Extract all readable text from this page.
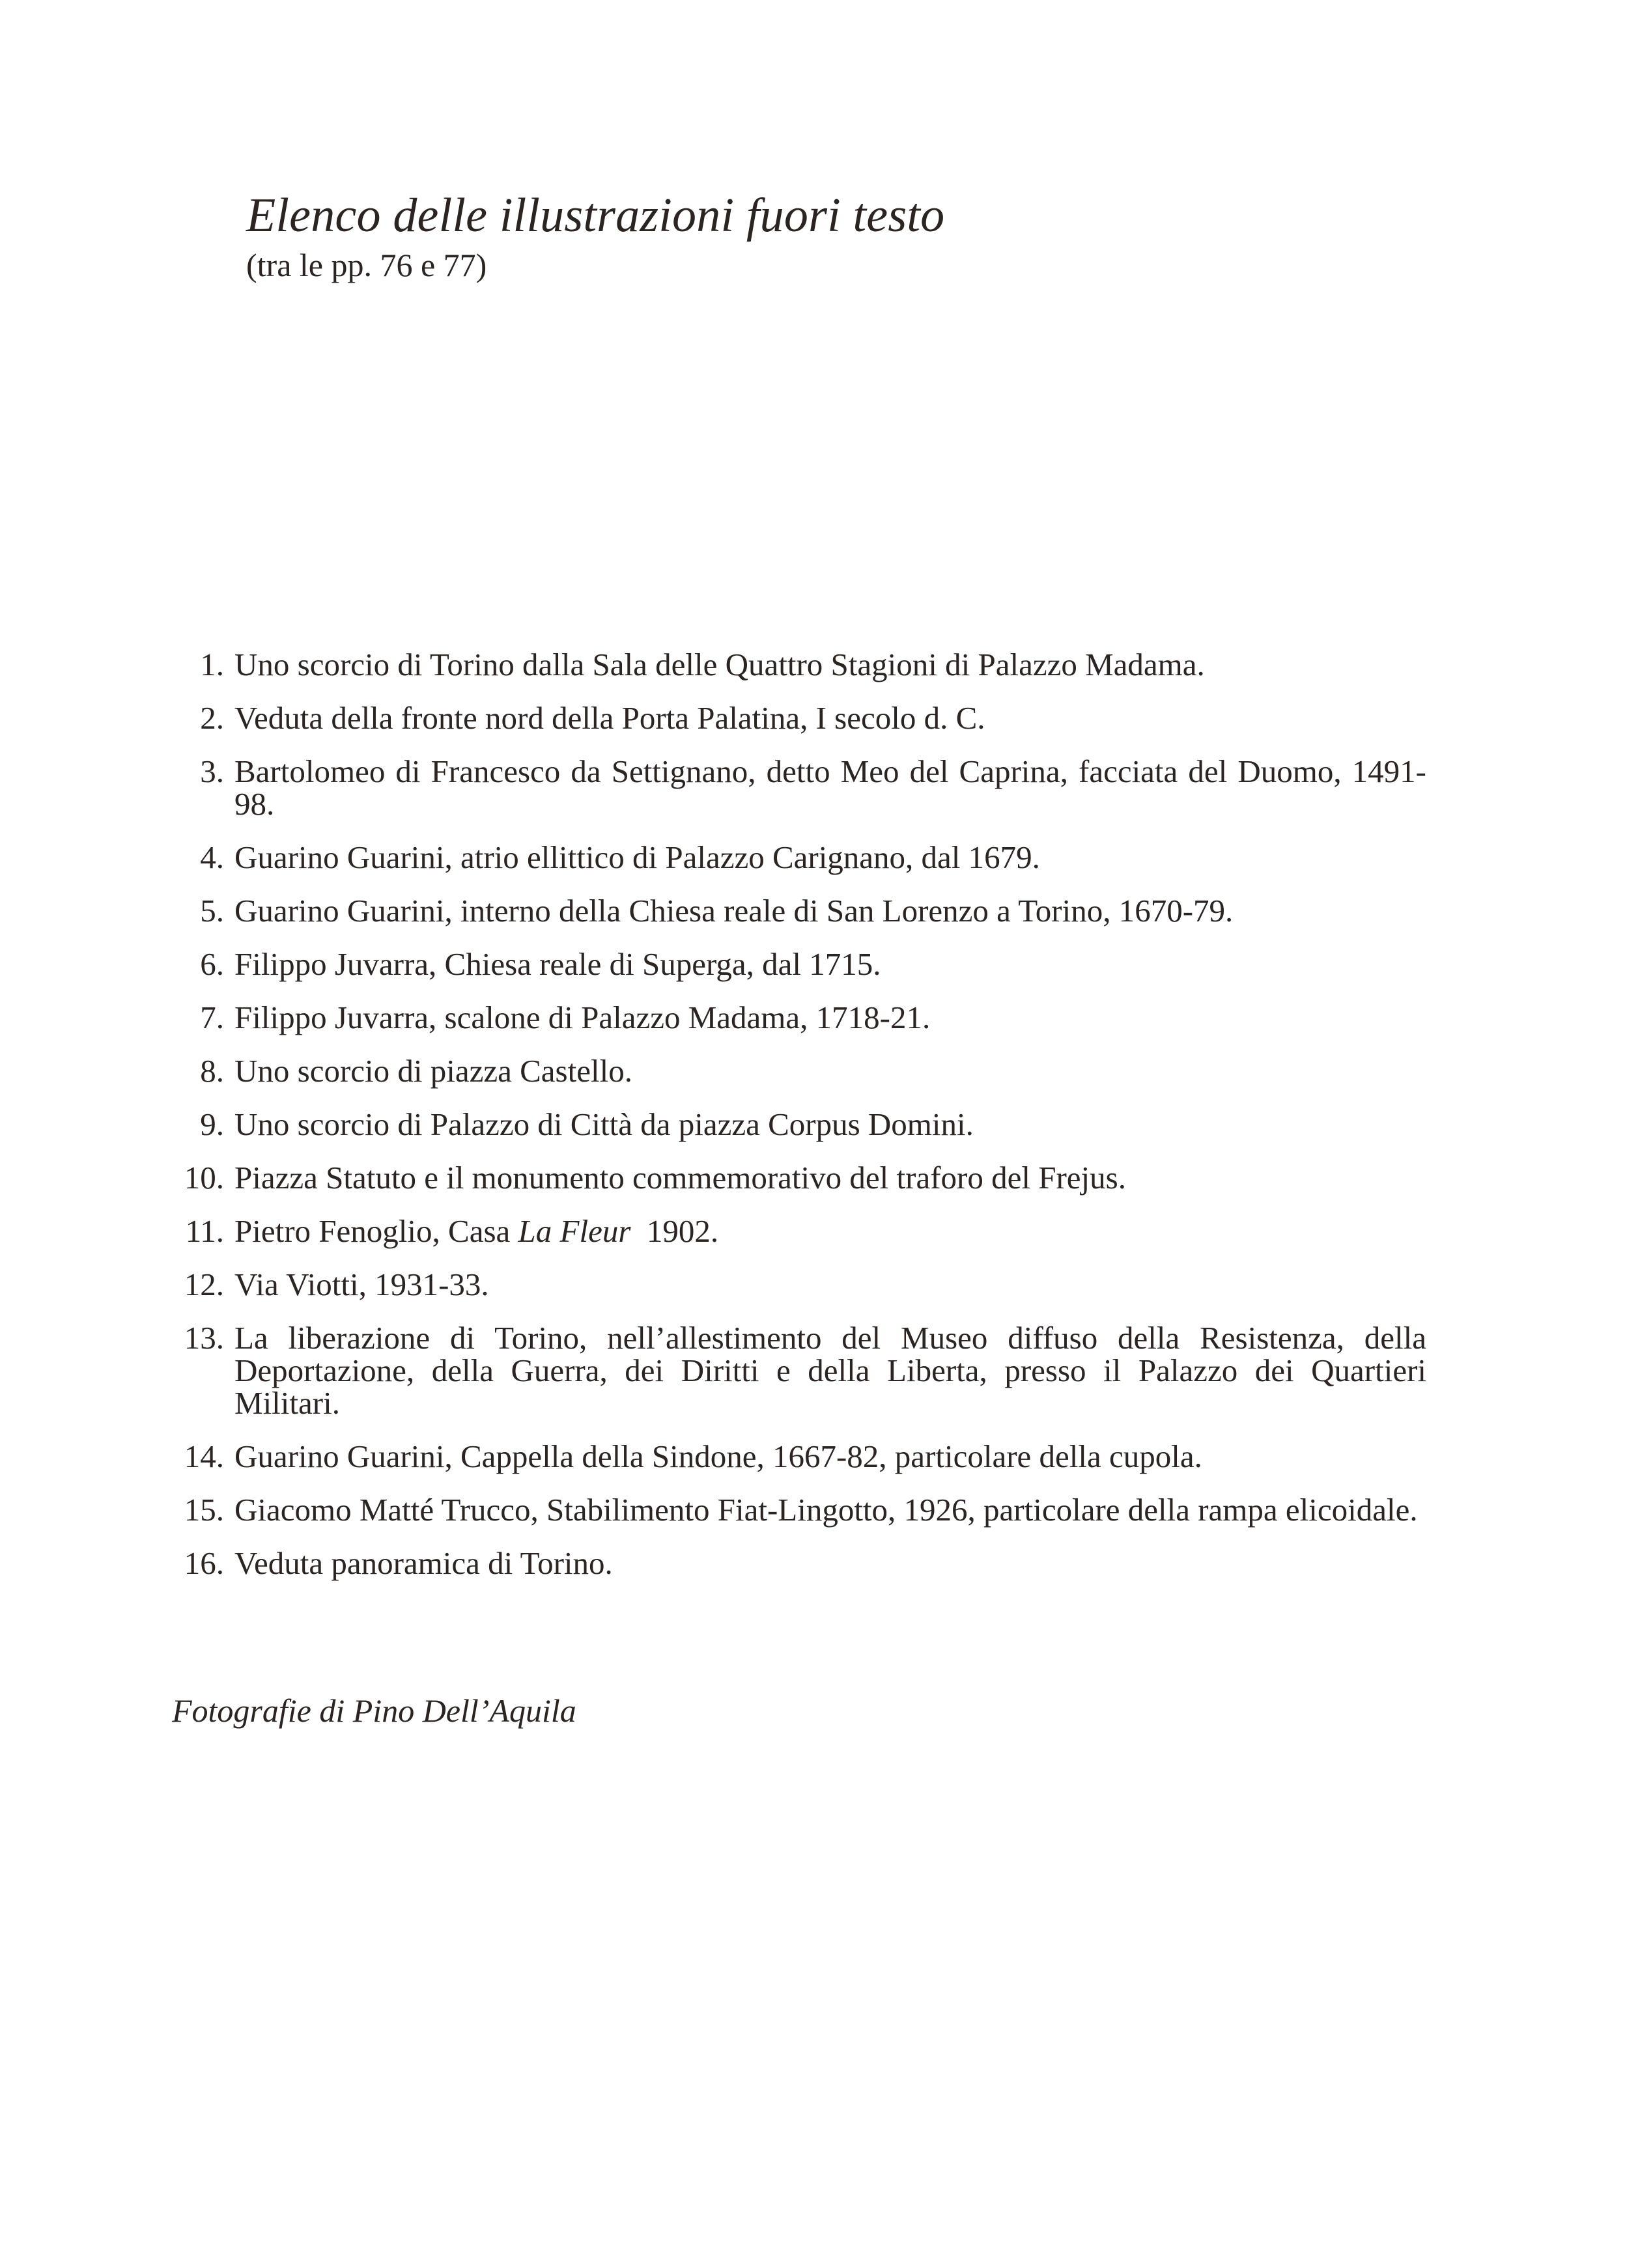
Elenco delle illustrazioni fuori testo

(tra le pp. 76 e 77)

1. Uno scorcio di Torino dalla Sala delle Quattro Stagioni di Palazzo Madama.
2. Veduta della fronte nord della Porta Palatina, I secolo d. C.
3. Bartolomeo di Francesco da Settignano, detto Meo del Caprina, facciata del Duomo, 1491-98.
4. Guarino Guarini, atrio ellittico di Palazzo Carignano, dal 1679.
5. Guarino Guarini, interno della Chiesa reale di San Lorenzo a Torino, 1670-79.
6. Filippo Juvarra, Chiesa reale di Superga, dal 1715.
7. Filippo Juvarra, scalone di Palazzo Madama, 1718-21.
8. Uno scorcio di piazza Castello.
9. Uno scorcio di Palazzo di Città da piazza Corpus Domini.
10. Piazza Statuto e il monumento commemorativo del traforo del Frejus.
11. Pietro Fenoglio, Casa La Fleur  1902.
12. Via Viotti, 1931-33.
13. La liberazione di Torino, nell’allestimento del Museo diffuso della Resistenza, della Deportazione, della Guerra, dei Diritti e della Liberta, presso il Palazzo dei Quartieri Militari.
14. Guarino Guarini, Cappella della Sindone, 1667-82, particolare della cupola.
15. Giacomo Matté Trucco, Stabilimento Fiat-Lingotto, 1926, particolare della rampa elicoidale.
16. Veduta panoramica di Torino.

Fotografie di Pino Dell’Aquila
